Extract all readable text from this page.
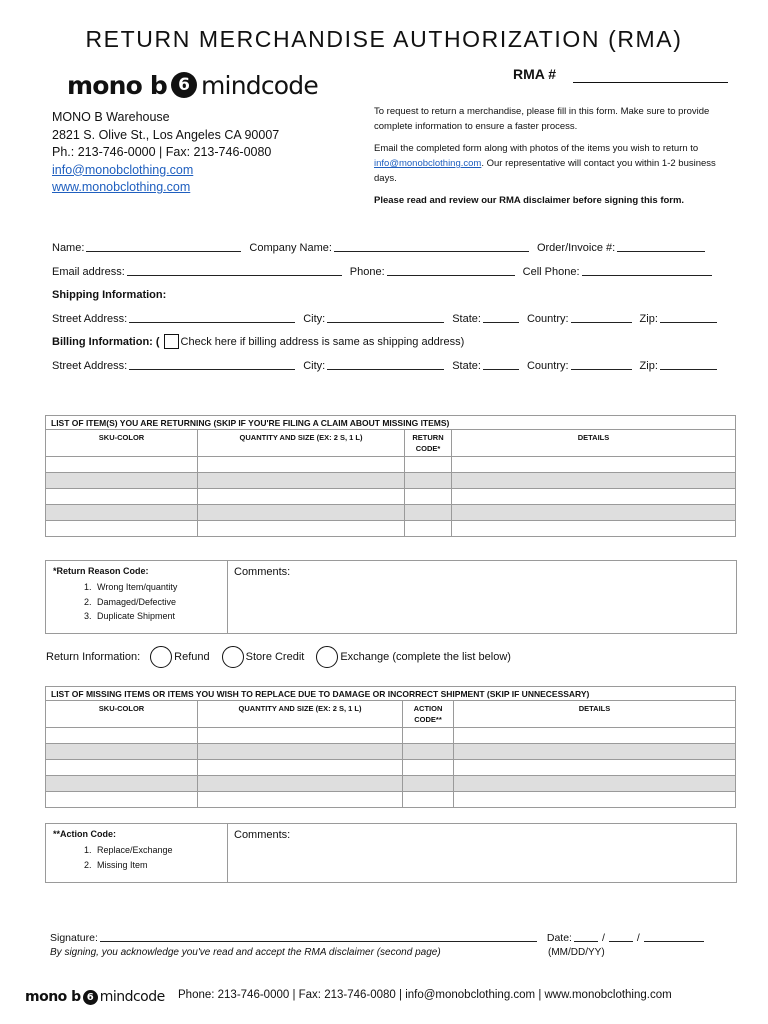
RETURN MERCHANDISE AUTHORIZATION (RMA)
mono b 6 mindcode	RMA #
MONO B Warehouse
2821 S. Olive St., Los Angeles CA 90007
Ph.: 213-746-0000 | Fax: 213-746-0080
info@monobclothing.com
www.monobclothing.com

To request to return a merchandise, please fill in this form. Make sure to provide complete information to ensure a faster process.

Email the completed form along with photos of the items you wish to return to info@monobclothing.com. Our representative will contact you within 1-2 business days.

Please read and review our RMA disclaimer before signing this form.

Name:	Company Name:	Order/Invoice #:
Email address:	Phone:	Cell Phone:
Shipping Information:
Street Address:	City:	State:	Country:	Zip:
Billing Information: ( Check here if billing address is same as shipping address)
Street Address:	City:	State:	Country:	Zip:
LIST OF ITEM(S) YOU ARE RETURNING (SKIP IF YOU'RE FILING A CLAIM ABOUT MISSING ITEMS)			
SKU-COLOR	QUANTITY AND SIZE (EX: 2 S, 1 L)	RETURN CODE*	DETAILS

*Return Reason Code:
1. Wrong Item/quantity
2. Damaged/Defective
3. Duplicate Shipment
Comments:
Return Information:	Refund	Store Credit	Exchange (complete the list below)
LIST OF MISSING ITEMS OR ITEMS YOU WISH TO REPLACE DUE TO DAMAGE OR INCORRECT SHIPMENT (SKIP IF UNNECESSARY)			
SKU-COLOR	QUANTITY AND SIZE (EX: 2 S, 1 L)	ACTION CODE**	DETAILS

**Action Code:
1. Replace/Exchange
2. Missing Item
Comments:
Signature:	Date:	/	/
By signing, you acknowledge you've read and accept the RMA disclaimer (second page)	(MM/DD/YY)
mono b 6 mindcode Phone: 213-746-0000 | Fax: 213-746-0080 | info@monobclothing.com | www.monobclothing.com
